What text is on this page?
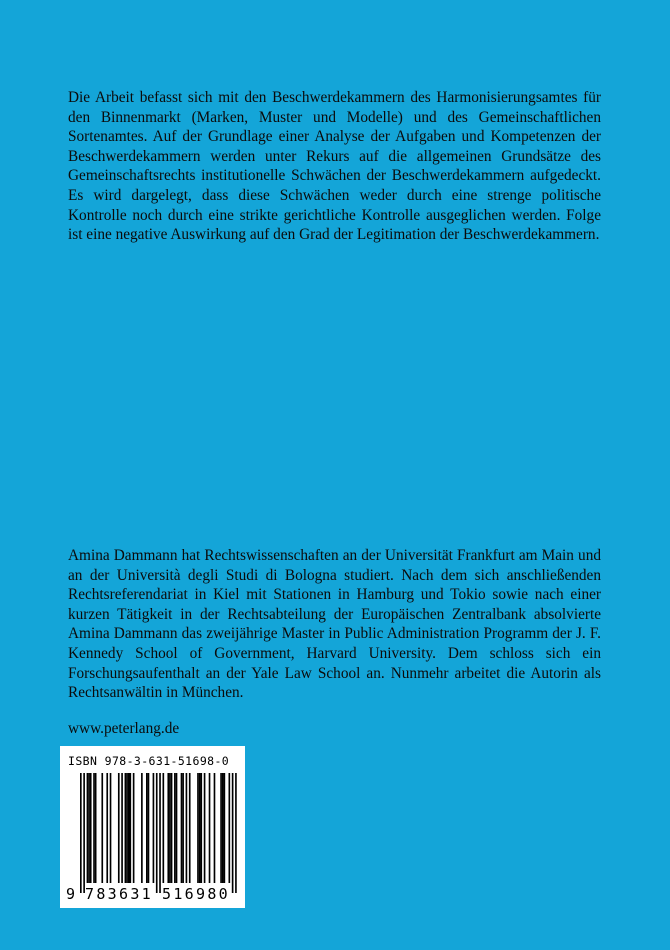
Die Arbeit befasst sich mit den Beschwerdekammern des Harmonisierungsamtes für den Binnenmarkt (Marken, Muster und Modelle) und des Gemeinschaftlichen Sortenamtes. Auf der Grundlage einer Analyse der Aufgaben und Kompetenzen der Beschwerdekammern werden unter Rekurs auf die allgemeinen Grundsätze des Gemeinschaftsrechts institutionelle Schwächen der Beschwerdekammern aufgedeckt. Es wird dargelegt, dass diese Schwächen weder durch eine strenge politische Kontrolle noch durch eine strikte gerichtliche Kontrolle ausgeglichen werden. Folge ist eine negative Auswirkung auf den Grad der Legitimation der Beschwerdekammern.

Amina Dammann hat Rechtswissenschaften an der Universität Frankfurt am Main und an der Università degli Studi di Bologna studiert. Nach dem sich anschließenden Rechtsreferendariat in Kiel mit Stationen in Hamburg und Tokio sowie nach einer kurzen Tätigkeit in der Rechtsabteilung der Europäischen Zentralbank absolvierte Amina Dammann das zweijährige Master in Public Administration Programm der J. F. Kennedy School of Government, Harvard University. Dem schloss sich ein Forschungsaufenthalt an der Yale Law School an. Nunmehr arbeitet die Autorin als Rechtsanwältin in München.

www.peterlang.de

ISBN 978-3-631-51698-0
9 783631 516980
